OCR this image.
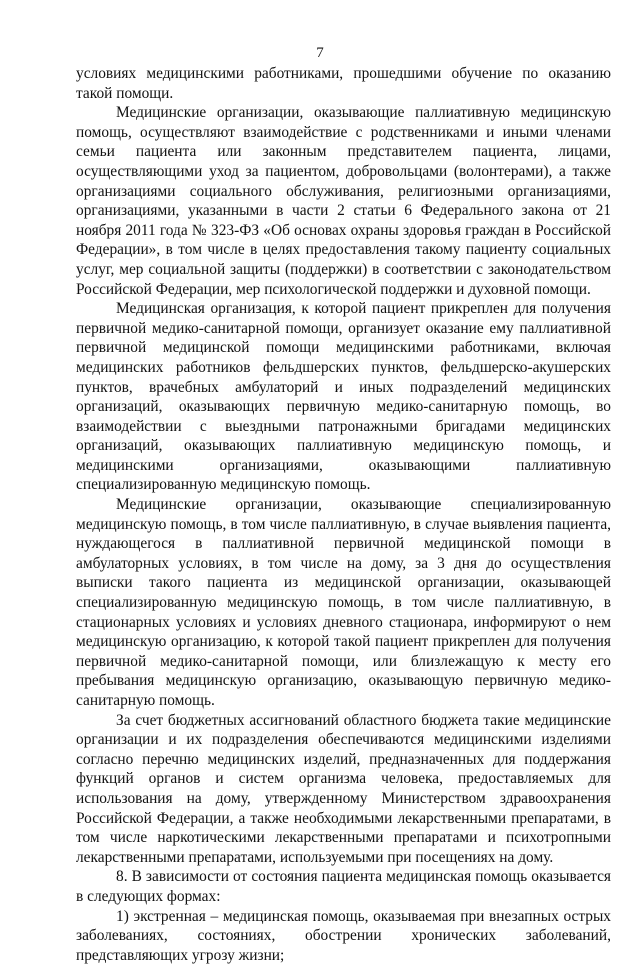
7

условиях медицинскими работниками, прошедшими обучение по оказанию такой помощи.

Медицинские организации, оказывающие паллиативную медицинскую помощь, осуществляют взаимодействие с родственниками и иными членами семьи пациента или законным представителем пациента, лицами, осуществляющими уход за пациентом, добровольцами (волонтерами), а также организациями социального обслуживания, религиозными организациями, организациями, указанными в части 2 статьи 6 Федерального закона от 21 ноября 2011 года № 323-ФЗ «Об основах охраны здоровья граждан в Российской Федерации», в том числе в целях предоставления такому пациенту социальных услуг, мер социальной защиты (поддержки) в соответствии с законодательством Российской Федерации, мер психологической поддержки и духовной помощи.

Медицинская организация, к которой пациент прикреплен для получения первичной медико-санитарной помощи, организует оказание ему паллиативной первичной медицинской помощи медицинскими работниками, включая медицинских работников фельдшерских пунктов, фельдшерско-акушерских пунктов, врачебных амбулаторий и иных подразделений медицинских организаций, оказывающих первичную медико-санитарную помощь, во взаимодействии с выездными патронажными бригадами медицинских организаций, оказывающих паллиативную медицинскую помощь, и медицинскими организациями, оказывающими паллиативную специализированную медицинскую помощь.

Медицинские организации, оказывающие специализированную медицинскую помощь, в том числе паллиативную, в случае выявления пациента, нуждающегося в паллиативной первичной медицинской помощи в амбулаторных условиях, в том числе на дому, за 3 дня до осуществления выписки такого пациента из медицинской организации, оказывающей специализированную медицинскую помощь, в том числе паллиативную, в стационарных условиях и условиях дневного стационара, информируют о нем медицинскую организацию, к которой такой пациент прикреплен для получения первичной медико-санитарной помощи, или близлежащую к месту его пребывания медицинскую организацию, оказывающую первичную медико-санитарную помощь.

За счет бюджетных ассигнований областного бюджета такие медицинские организации и их подразделения обеспечиваются медицинскими изделиями согласно перечню медицинских изделий, предназначенных для поддержания функций органов и систем организма человека, предоставляемых для использования на дому, утвержденному Министерством здравоохранения Российской Федерации, а также необходимыми лекарственными препаратами, в том числе наркотическими лекарственными препаратами и психотропными лекарственными препаратами, используемыми при посещениях на дому.

8. В зависимости от состояния пациента медицинская помощь оказывается в следующих формах:

1) экстренная – медицинская помощь, оказываемая при внезапных острых заболеваниях, состояниях, обострении хронических заболеваний, представляющих угрозу жизни;
